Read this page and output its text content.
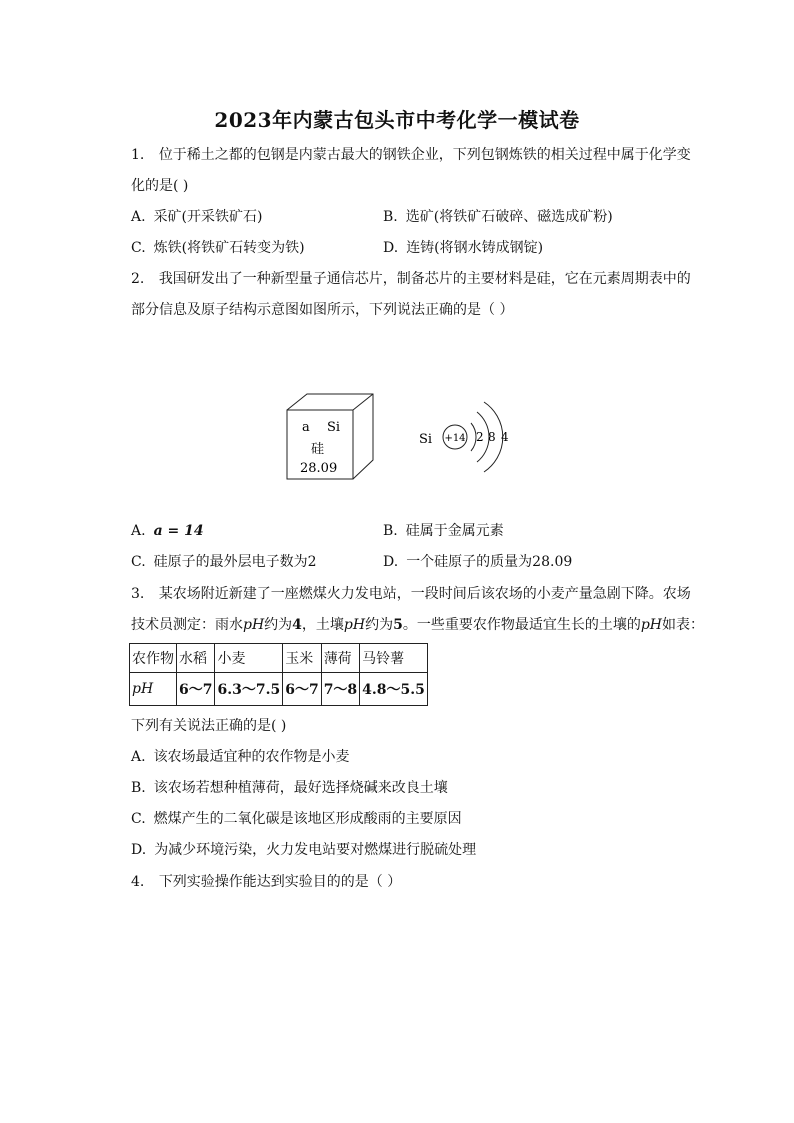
2023年内蒙古包头市中考化学一模试卷
1. 位于稀土之都的包钢是内蒙古最大的钢铁企业，下列包钢炼铁的相关过程中属于化学变
化的是( )
A. 采矿(开采铁矿石)	B. 选矿(将铁矿石破碎、磁选成矿粉)
C. 炼铁(将铁矿石转变为铁)	D. 连铸(将钢水铸成钢锭)
2. 我国研发出了一种新型量子通信芯片，制备芯片的主要材料是硅，它在元素周期表中的
部分信息及原子结构示意图如图所示，下列说法正确的是（ ）
a Si
硅
28.09
Si +14 2 8 4
A. a = 14	B. 硅属于金属元素
C. 硅原子的最外层电子数为2	D. 一个硅原子的质量为28.09
3. 某农场附近新建了一座燃煤火力发电站，一段时间后该农场的小麦产量急剧下降。农场
技术员测定：雨水pH约为4，土壤pH约为5。一些重要农作物最适宜生长的土壤的pH如表：
农作物	水稻	小麦	玉米	薄荷	马铃薯
pH	6～7	6.3～7.5	6～7	7～8	4.8～5.5
下列有关说法正确的是( )
A. 该农场最适宜种的农作物是小麦
B. 该农场若想种植薄荷，最好选择烧碱来改良土壤
C. 燃煤产生的二氧化碳是该地区形成酸雨的主要原因
D. 为减少环境污染，火力发电站要对燃煤进行脱硫处理
4. 下列实验操作能达到实验目的的是（ ）
